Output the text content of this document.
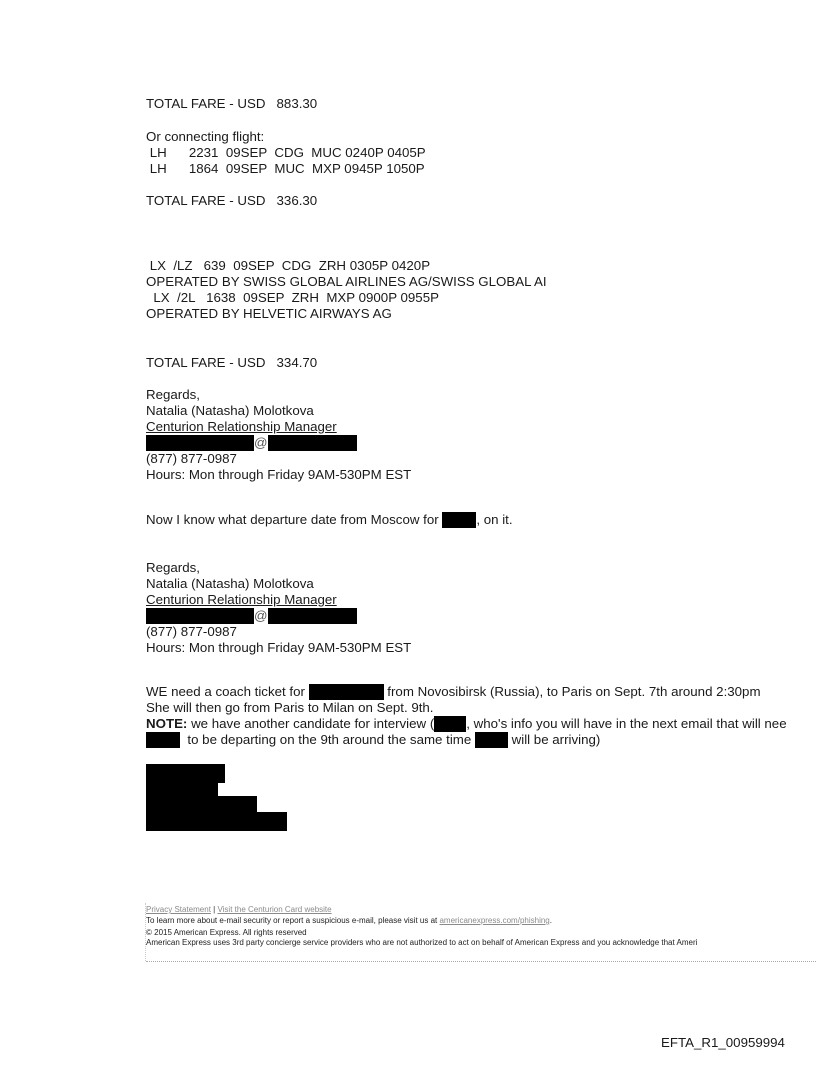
TOTAL FARE - USD   883.30
Or connecting flight:
LH      2231  09SEP  CDG  MUC 0240P 0405P
LH      1864  09SEP  MUC  MXP 0945P 1050P
TOTAL FARE - USD   336.30
LX  /LZ   639  09SEP  CDG  ZRH 0305P 0420P
OPERATED BY SWISS GLOBAL AIRLINES AG/SWISS GLOBAL AI
LX  /2L   1638  09SEP  ZRH  MXP 0900P 0955P
OPERATED BY HELVETIC AIRWAYS AG
TOTAL FARE - USD   334.70
Regards,
Natalia (Natasha) Molotkova
Centurion Relationship Manager
@
(877) 877-0987
Hours: Mon through Friday 9AM-530PM EST
Now I know what departure date from Moscow for	, on it.
Regards,
Natalia (Natasha) Molotkova
Centurion Relationship Manager
@
(877) 877-0987
Hours: Mon through Friday 9AM-530PM EST
WE need a coach ticket for	from Novosibirsk (Russia), to Paris on Sept. 7th around 2:30pm
She will then go from Paris to Milan on Sept. 9th.
NOTE: we have another candidate for interview ( , who's info you will have in the next email that will nee
to be departing on the 9th around the same time  will be arriving)
Privacy Statement | Visit the Centurion Card website
To learn more about e-mail security or report a suspicious e-mail, please visit us at americanexpress.com/phishing.
© 2015 American Express. All rights reserved
American Express uses 3rd party concierge service providers who are not authorized to act on behalf of American Express and you acknowledge that Ameri
EFTA_R1_00959994
